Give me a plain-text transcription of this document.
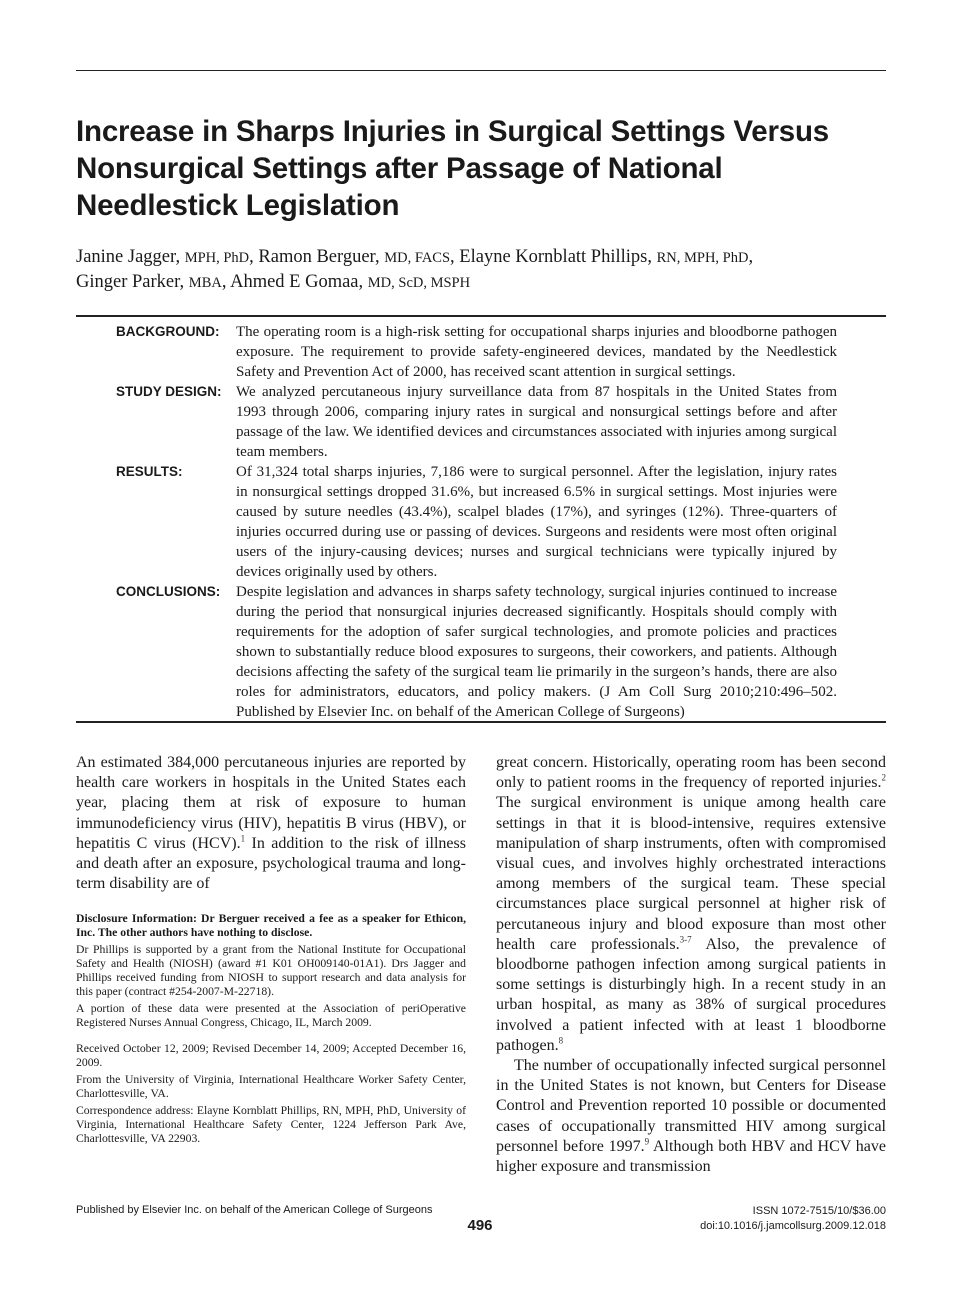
Increase in Sharps Injuries in Surgical Settings Versus Nonsurgical Settings after Passage of National Needlestick Legislation
Janine Jagger, MPH, PhD, Ramon Berguer, MD, FACS, Elayne Kornblatt Phillips, RN, MPH, PhD,
Ginger Parker, MBA, Ahmed E Gomaa, MD, ScD, MSPH
BACKGROUND: The operating room is a high-risk setting for occupational sharps injuries and bloodborne pathogen exposure. The requirement to provide safety-engineered devices, mandated by the Needlestick Safety and Prevention Act of 2000, has received scant attention in surgical settings.
STUDY DESIGN: We analyzed percutaneous injury surveillance data from 87 hospitals in the United States from 1993 through 2006, comparing injury rates in surgical and nonsurgical settings before and after passage of the law. We identified devices and circumstances associated with injuries among surgical team members.
RESULTS:	Of 31,324 total sharps injuries, 7,186 were to surgical personnel. After the legislation, injury rates in nonsurgical settings dropped 31.6%, but increased 6.5% in surgical settings. Most injuries were caused by suture needles (43.4%), scalpel blades (17%), and syringes (12%). Three-quarters of injuries occurred during use or passing of devices. Surgeons and residents were most often original users of the injury-causing devices; nurses and surgical technicians were typically injured by devices originally used by others.
CONCLUSIONS: Despite legislation and advances in sharps safety technology, surgical injuries continued to increase during the period that nonsurgical injuries decreased significantly. Hospitals should comply with requirements for the adoption of safer surgical technologies, and promote policies and practices shown to substantially reduce blood exposures to surgeons, their coworkers, and patients. Although decisions affecting the safety of the surgical team lie primarily in the surgeon’s hands, there are also roles for administrators, educators, and policy makers. (J Am Coll Surg 2010;210:496–502. Published by Elsevier Inc. on behalf of the American College of Surgeons)

An estimated 384,000 percutaneous injuries are reported by health care workers in hospitals in the United States each year, placing them at risk of exposure to human immunodeficiency virus (HIV), hepatitis B virus (HBV), or hepatitis C virus (HCV).$^1$ In addition to the risk of illness and death after an exposure, psychological trauma and long-term disability are of

Disclosure Information: Dr Berguer received a fee as a speaker for Ethicon, Inc. The other authors have nothing to disclose.

Dr Phillips is supported by a grant from the National Institute for Occupational Safety and Health (NIOSH) (award #1 K01 OH009140-01A1). Drs Jagger and Phillips received funding from NIOSH to support research and data analysis for this paper (contract #254-2007-M-22718).

A portion of these data were presented at the Association of periOperative Registered Nurses Annual Congress, Chicago, IL, March 2009.

Received October 12, 2009; Revised December 14, 2009; Accepted December 16, 2009.

From the University of Virginia, International Healthcare Worker Safety Center, Charlottesville, VA.

Correspondence address: Elayne Kornblatt Phillips, RN, MPH, PhD, University of Virginia, International Healthcare Safety Center, 1224 Jefferson Park Ave, Charlottesville, VA 22903.

great concern. Historically, operating room has been second only to patient rooms in the frequency of reported injuries.$^2$ The surgical environment is unique among health care settings in that it is blood-intensive, requires extensive manipulation of sharp instruments, often with compromised visual cues, and involves highly orchestrated interactions among members of the surgical team. These special circumstances place surgical personnel at higher risk of percutaneous injury and blood exposure than most other health care professionals.$^{3-7}$ Also, the prevalence of bloodborne pathogen infection among surgical patients in some settings is disturbingly high. In a recent study in an urban hospital, as many as 38% of surgical procedures involved a patient infected with at least 1 bloodborne pathogen.$^8$

The number of occupationally infected surgical personnel in the United States is not known, but Centers for Disease Control and Prevention reported 10 possible or documented cases of occupationally transmitted HIV among surgical personnel before 1997.$^9$ Although both HBV and HCV have higher exposure and transmission

Published by Elsevier Inc. on behalf of the American College of Surgeons
496
ISSN 1072-7515/10/$36.00
doi:10.1016/j.jamcollsurg.2009.12.018
